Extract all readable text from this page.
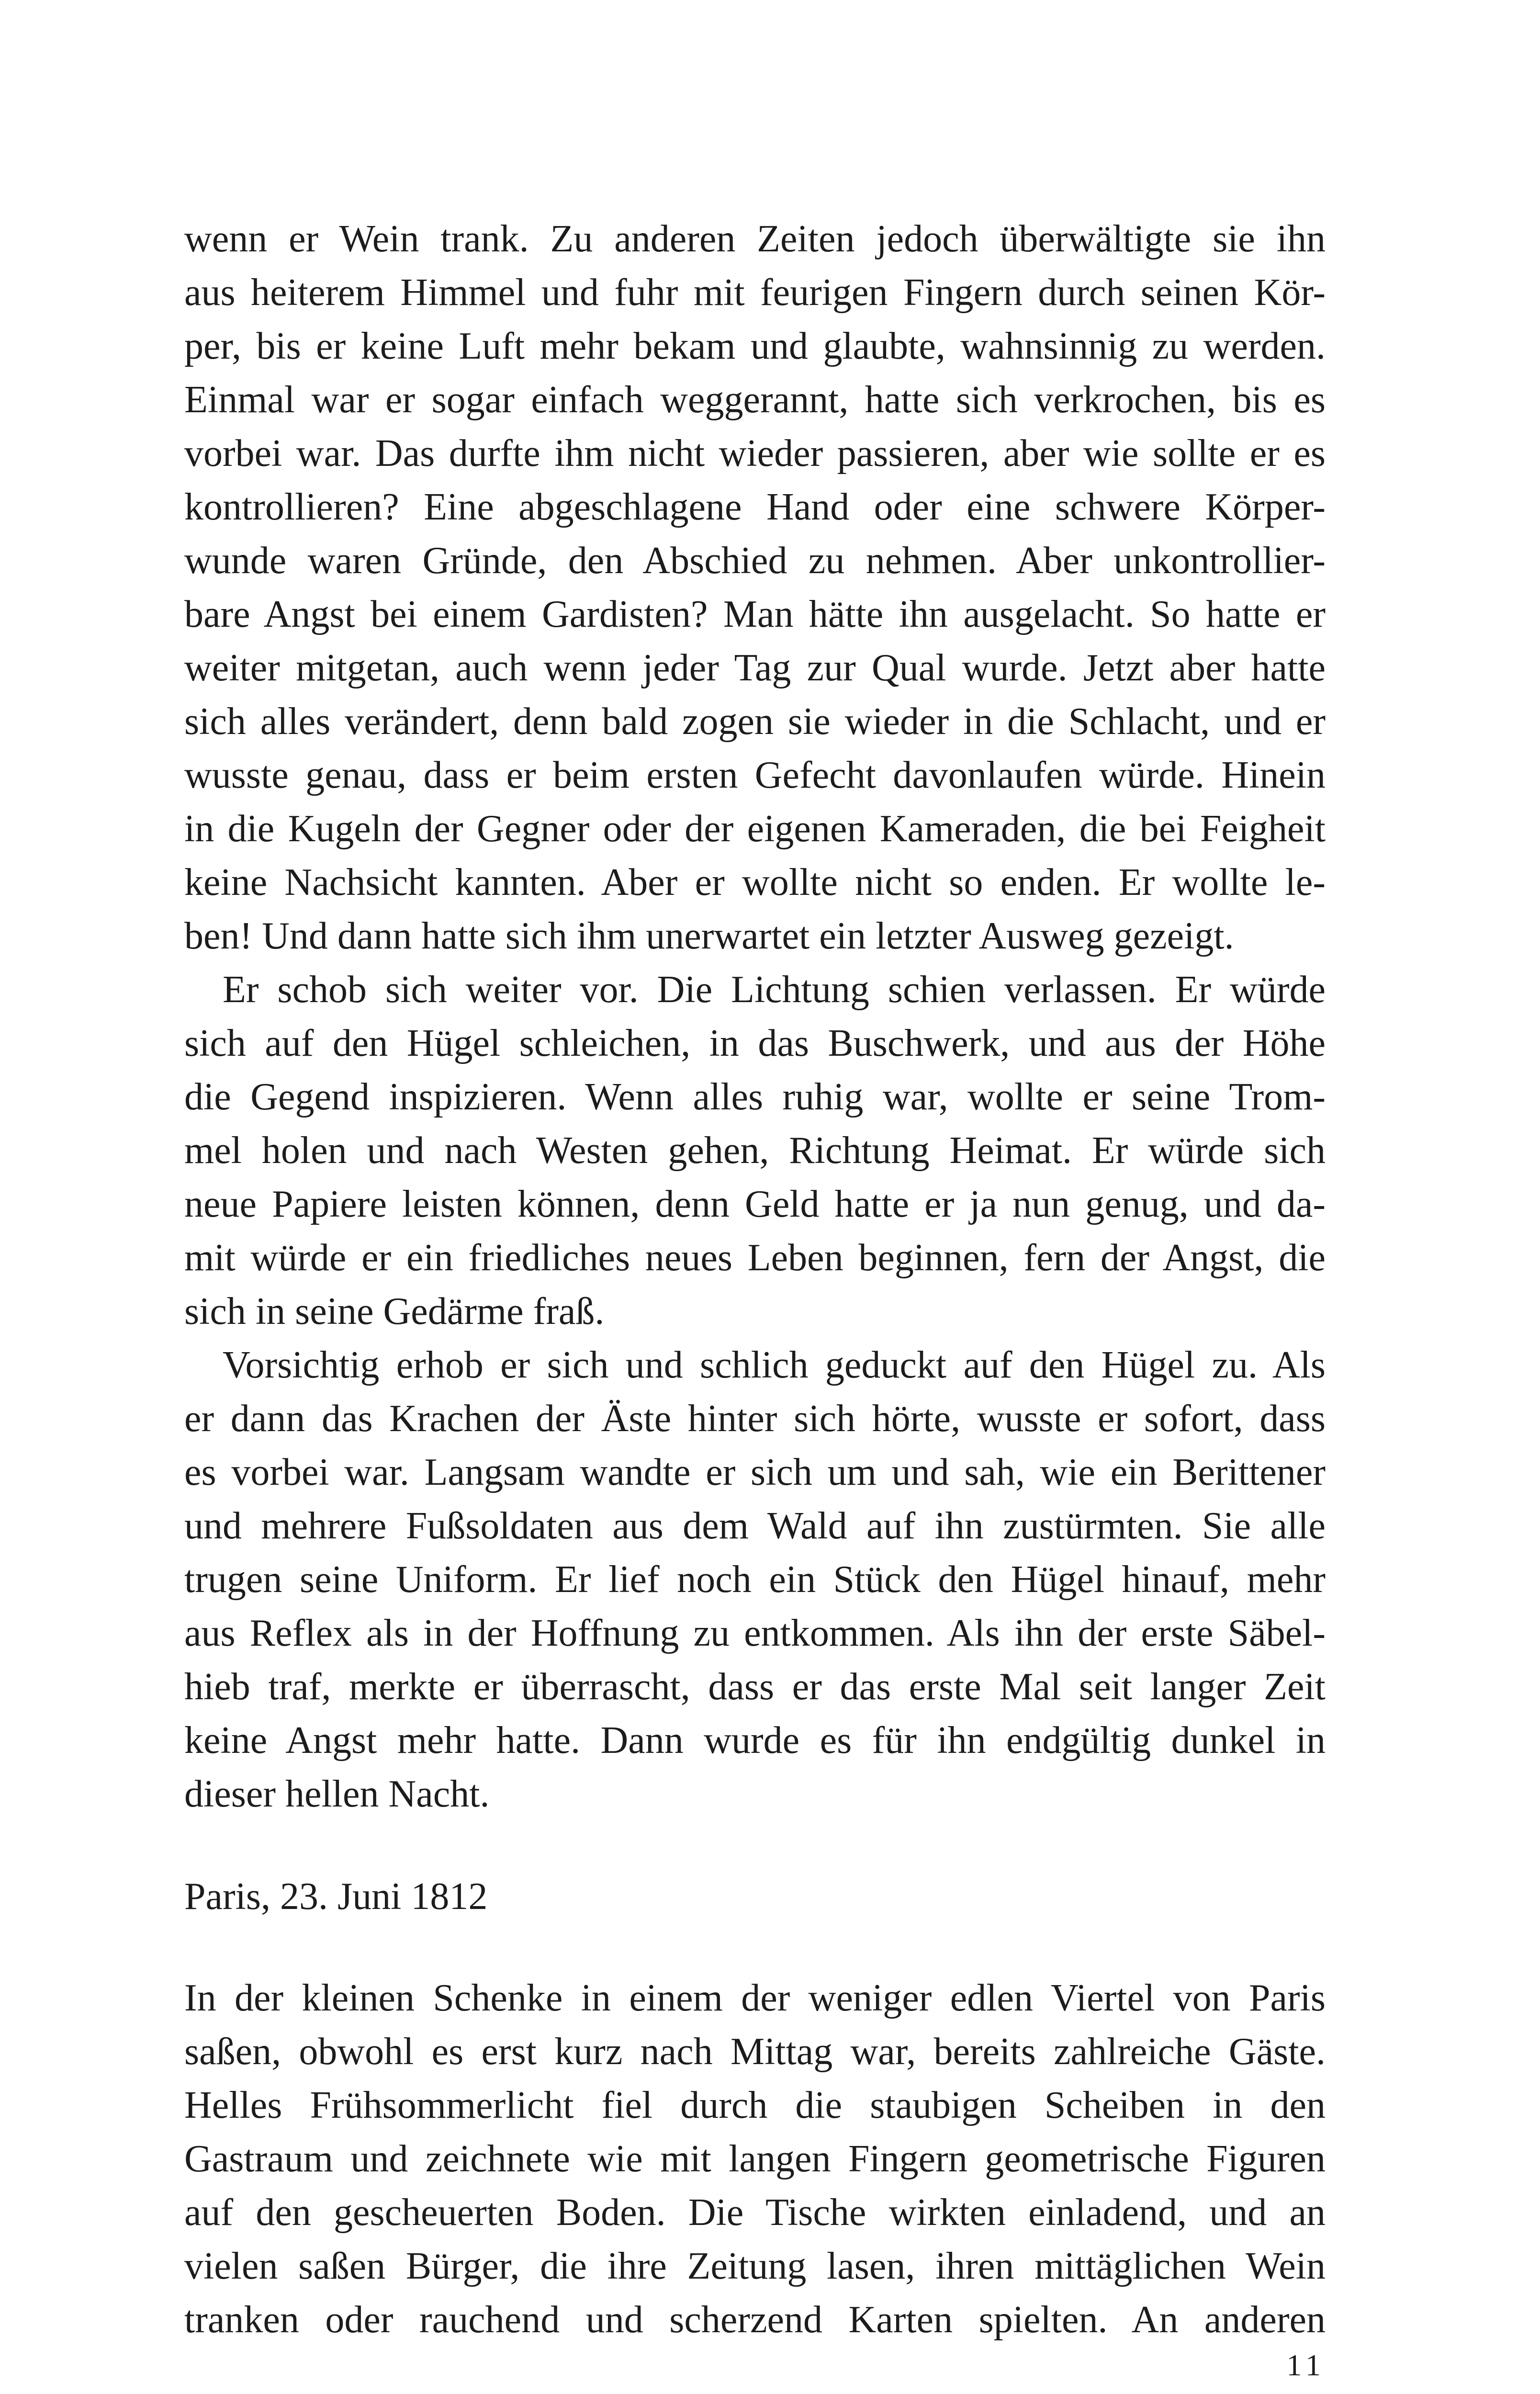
wenn er Wein trank. Zu anderen Zeiten jedoch überwältigte sie ihn
aus heiterem Himmel und fuhr mit feurigen Fingern durch seinen Kör-
per, bis er keine Luft mehr bekam und glaubte, wahnsinnig zu werden.
Einmal war er sogar einfach weggerannt, hatte sich verkrochen, bis es
vorbei war. Das durfte ihm nicht wieder passieren, aber wie sollte er es
kontrollieren? Eine abgeschlagene Hand oder eine schwere Körper-
wunde waren Gründe, den Abschied zu nehmen. Aber unkontrollier-
bare Angst bei einem Gardisten? Man hätte ihn ausgelacht. So hatte er
weiter mitgetan, auch wenn jeder Tag zur Qual wurde. Jetzt aber hatte
sich alles verändert, denn bald zogen sie wieder in die Schlacht, und er
wusste genau, dass er beim ersten Gefecht davonlaufen würde. Hinein
in die Kugeln der Gegner oder der eigenen Kameraden, die bei Feigheit
keine Nachsicht kannten. Aber er wollte nicht so enden. Er wollte le-
ben! Und dann hatte sich ihm unerwartet ein letzter Ausweg gezeigt.
Er schob sich weiter vor. Die Lichtung schien verlassen. Er würde
sich auf den Hügel schleichen, in das Buschwerk, und aus der Höhe
die Gegend inspizieren. Wenn alles ruhig war, wollte er seine Trom-
mel holen und nach Westen gehen, Richtung Heimat. Er würde sich
neue Papiere leisten können, denn Geld hatte er ja nun genug, und da-
mit würde er ein friedliches neues Leben beginnen, fern der Angst, die
sich in seine Gedärme fraß.
Vorsichtig erhob er sich und schlich geduckt auf den Hügel zu. Als
er dann das Krachen der Äste hinter sich hörte, wusste er sofort, dass
es vorbei war. Langsam wandte er sich um und sah, wie ein Berittener
und mehrere Fußsoldaten aus dem Wald auf ihn zustürmten. Sie alle
trugen seine Uniform. Er lief noch ein Stück den Hügel hinauf, mehr
aus Reflex als in der Hoffnung zu entkommen. Als ihn der erste Säbel-
hieb traf, merkte er überrascht, dass er das erste Mal seit langer Zeit
keine Angst mehr hatte. Dann wurde es für ihn endgültig dunkel in
dieser hellen Nacht.
Paris, 23. Juni 1812
In der kleinen Schenke in einem der weniger edlen Viertel von Paris
saßen, obwohl es erst kurz nach Mittag war, bereits zahlreiche Gäste.
Helles Frühsommerlicht fiel durch die staubigen Scheiben in den
Gastraum und zeichnete wie mit langen Fingern geometrische Figuren
auf den gescheuerten Boden. Die Tische wirkten einladend, und an
vielen saßen Bürger, die ihre Zeitung lasen, ihren mittäglichen Wein
tranken oder rauchend und scherzend Karten spielten. An anderen
11
